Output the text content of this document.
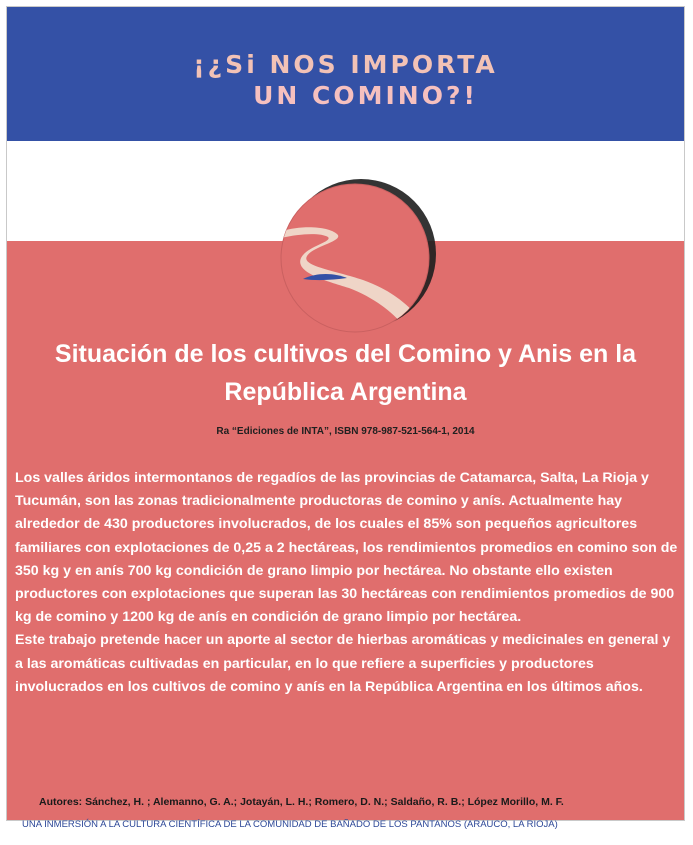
¡¿Si NOS IMPORTA
UN COMINO?!
Situación de los cultivos del Comino y Anis en la República Argentina
Ra “Ediciones de INTA”, ISBN 978-987-521-564-1, 2014

Los valles áridos intermontanos de regadíos de las provincias de Catamarca, Salta, La Rioja y Tucumán, son las zonas tradicionalmente productoras de comino y anís. Actualmente hay alrededor de 430 productores involucrados, de los cuales el 85% son pequeños agricultores familiares con explotaciones de 0,25 a 2 hectáreas, los rendimientos promedios en comino son de 350 kg y en anís 700 kg condición de grano limpio por hectárea. No obstante ello existen productores con explotaciones que superan las 30 hectáreas con rendimientos promedios de 900 kg de comino y 1200 kg de anís en condición de grano limpio por hectárea.

Este trabajo pretende hacer un aporte al sector de hierbas aromáticas y medicinales en general y a las aromáticas cultivadas en particular, en lo que refiere a superficies y productores involucrados en los cultivos de comino y anís en la República Argentina en los últimos años.

Autores: Sánchez, H. ; Alemanno, G. A.; Jotayán, L. H.; Romero, D. N.; Saldaño, R. B.; López Morillo, M. F.
UNA INMERSIÓN A LA CULTURA CIENTÍFICA DE LA COMUNIDAD DE BAÑADO DE LOS PANTANOS (ARAUCO, LA RIOJA)
